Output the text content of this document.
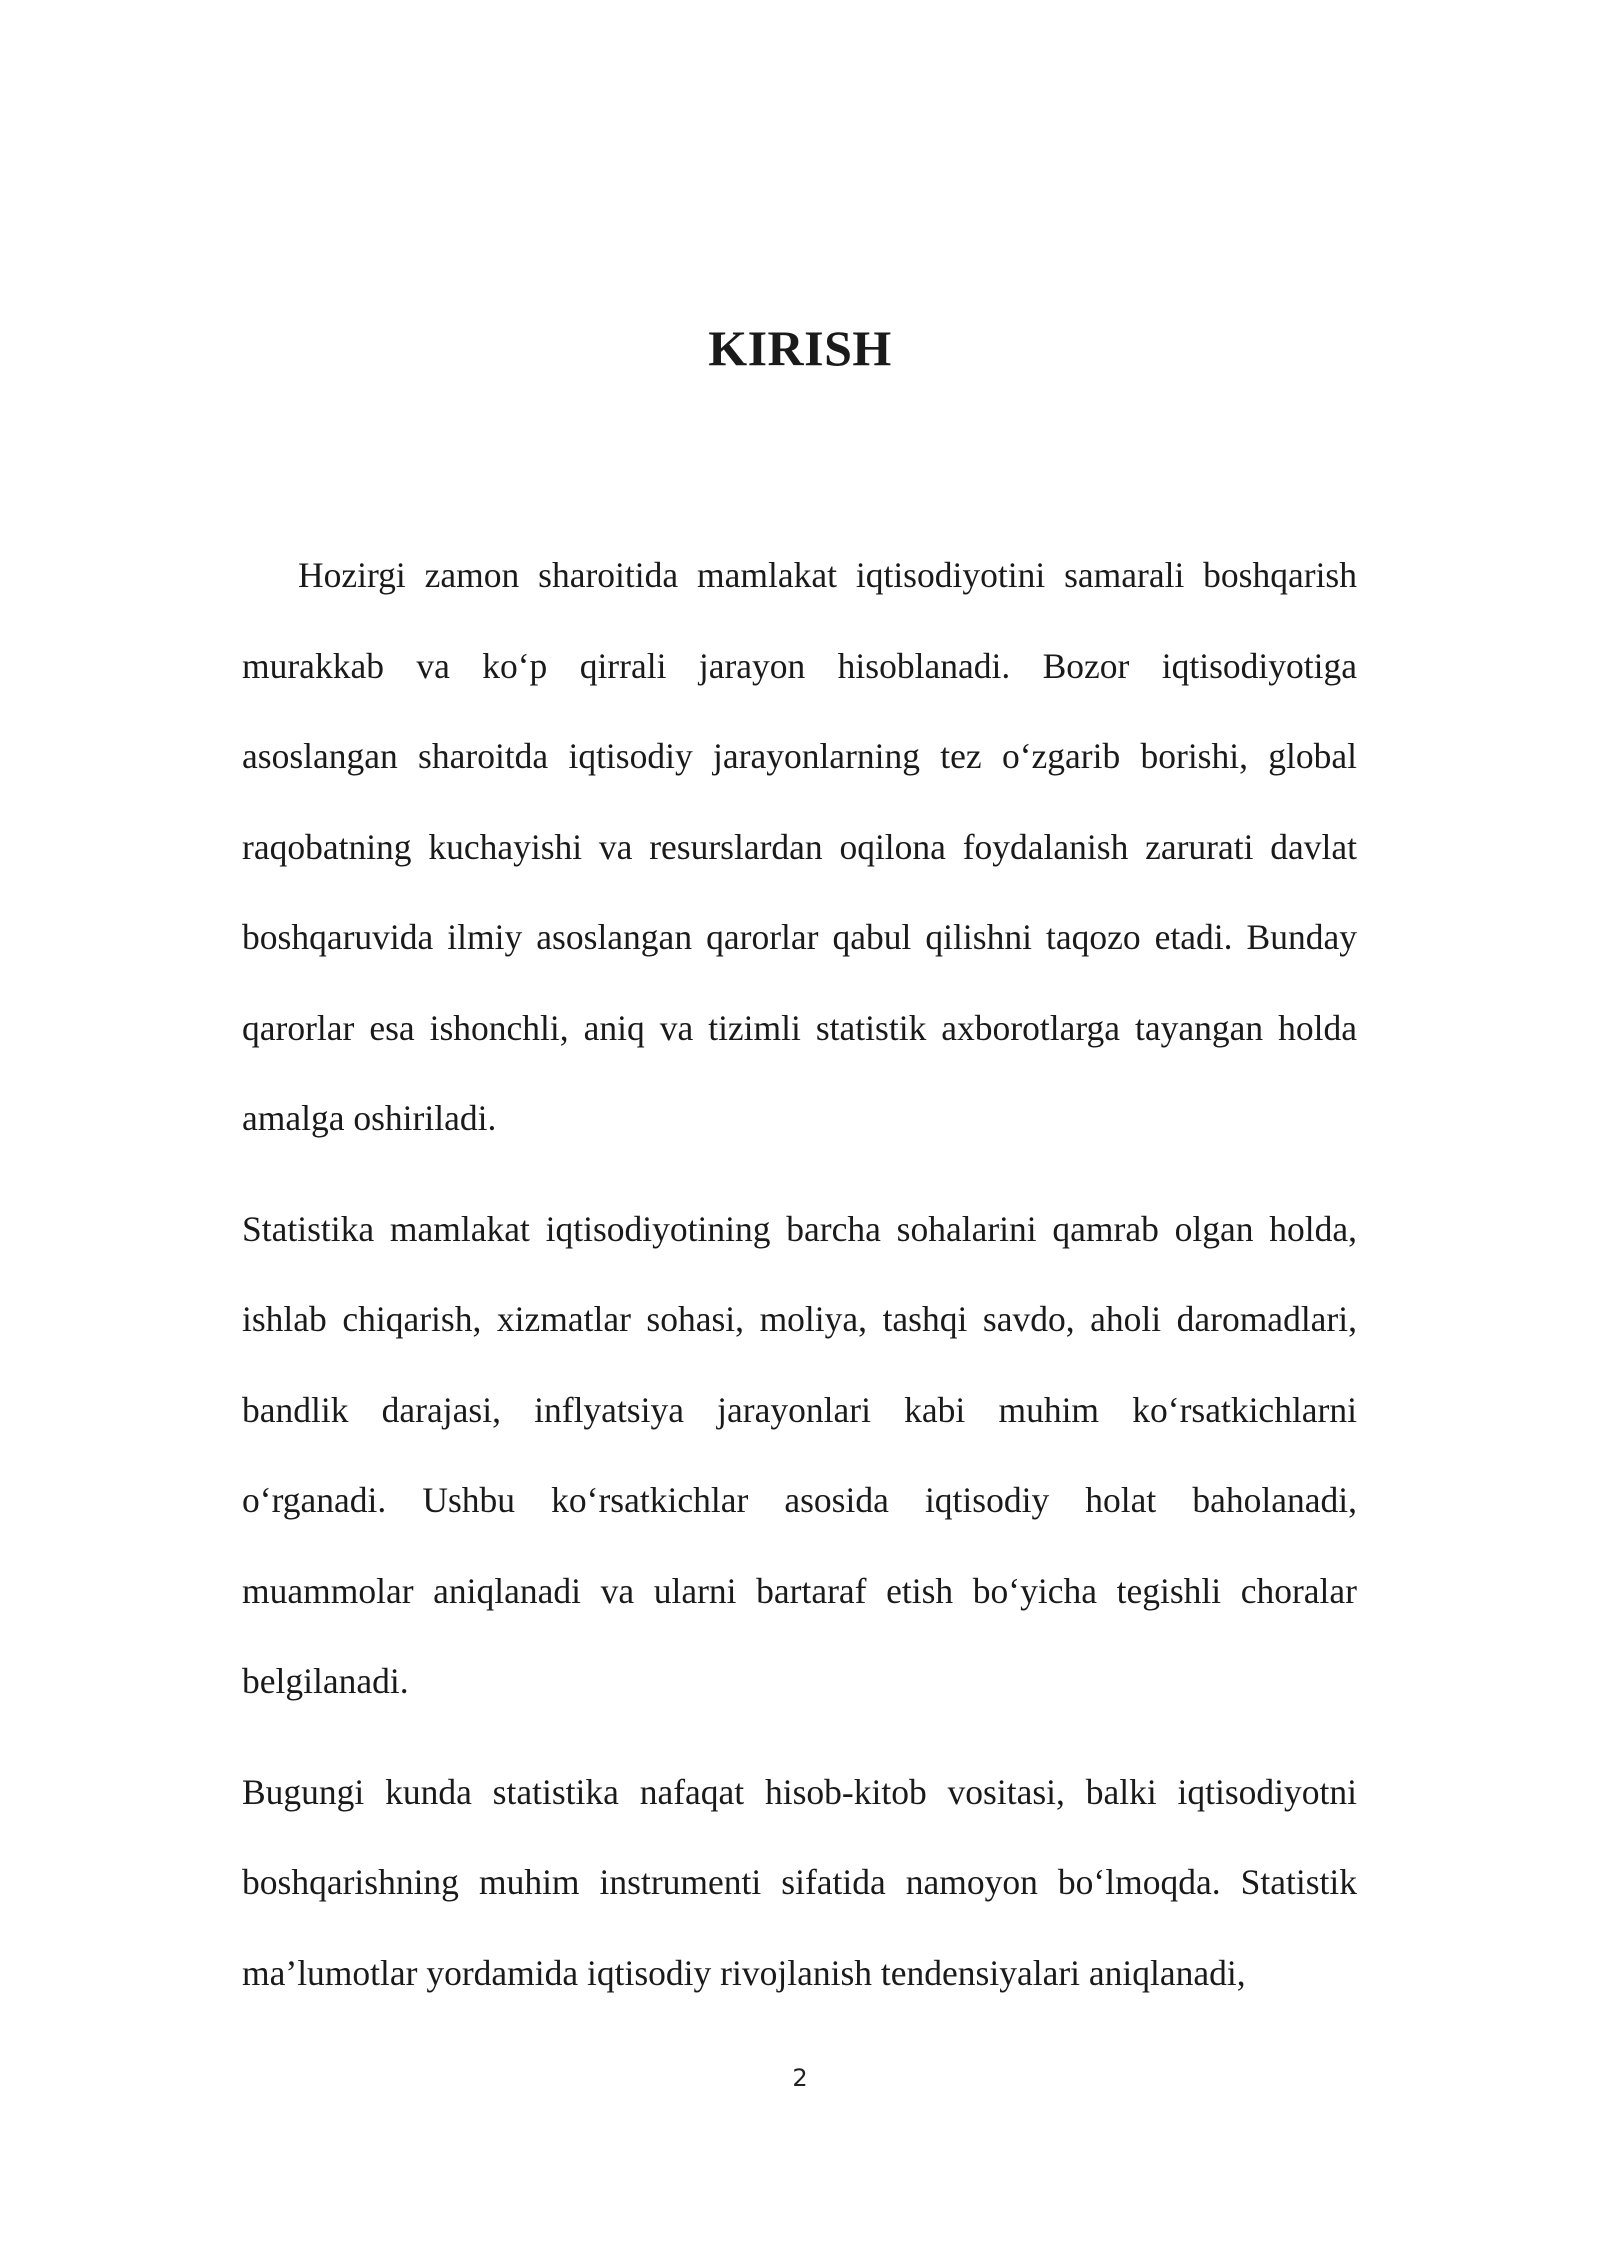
KIRISH

Hozirgi zamon sharoitida mamlakat iqtisodiyotini samarali boshqarish murakkab va ko‘p qirrali jarayon hisoblanadi. Bozor iqtisodiyotiga asoslangan sharoitda iqtisodiy jarayonlarning tez o‘zgarib borishi, global raqobatning kuchayishi va resurslardan oqilona foydalanish zarurati davlat boshqaruvida ilmiy asoslangan qarorlar qabul qilishni taqozo etadi. Bunday qarorlar esa ishonchli, aniq va tizimli statistik axborotlarga tayangan holda amalga oshiriladi.

Statistika mamlakat iqtisodiyotining barcha sohalarini qamrab olgan holda, ishlab chiqarish, xizmatlar sohasi, moliya, tashqi savdo, aholi daromadlari, bandlik darajasi, inflyatsiya jarayonlari kabi muhim ko‘rsatkichlarni o‘rganadi. Ushbu ko‘rsatkichlar asosida iqtisodiy holat baholanadi, muammolar aniqlanadi va ularni bartaraf etish bo‘yicha tegishli choralar belgilanadi.

Bugungi kunda statistika nafaqat hisob-kitob vositasi, balki iqtisodiyotni boshqarishning muhim instrumenti sifatida namoyon bo‘lmoqda. Statistik ma’lumotlar yordamida iqtisodiy rivojlanish tendensiyalari aniqlanadi,

2
